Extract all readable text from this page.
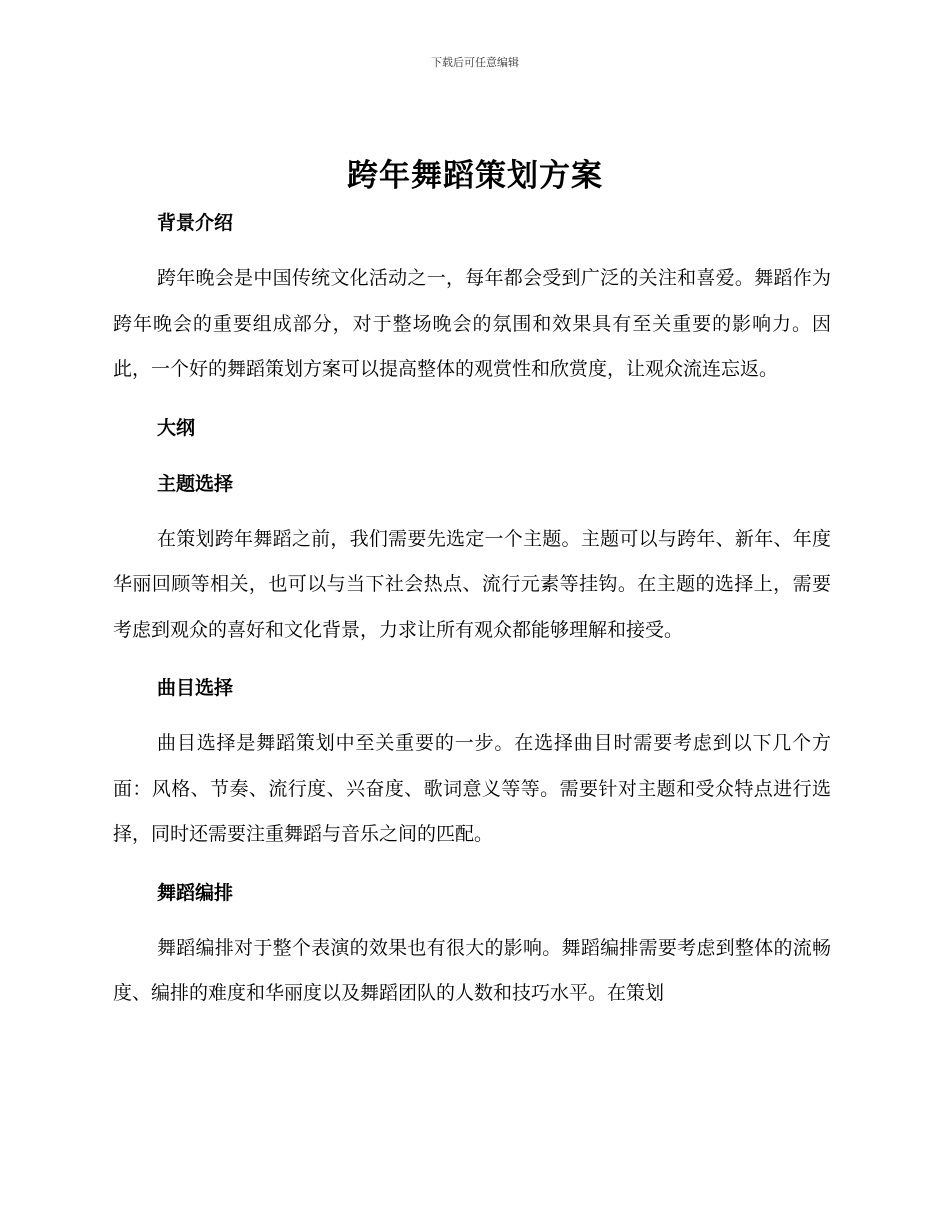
下载后可任意编辑
跨年舞蹈策划方案
背景介绍

跨年晚会是中国传统文化活动之一，每年都会受到广泛的关注和喜爱。舞蹈作为跨年晚会的重要组成部分，对于整场晚会的氛围和效果具有至关重要的影响力。因此，一个好的舞蹈策划方案可以提高整体的观赏性和欣赏度，让观众流连忘返。

大纲
主题选择

在策划跨年舞蹈之前，我们需要先选定一个主题。主题可以与跨年、新年、年度华丽回顾等相关，也可以与当下社会热点、流行元素等挂钩。在主题的选择上，需要考虑到观众的喜好和文化背景，力求让所有观众都能够理解和接受。

曲目选择

曲目选择是舞蹈策划中至关重要的一步。在选择曲目时需要考虑到以下几个方面：风格、节奏、流行度、兴奋度、歌词意义等等。需要针对主题和受众特点进行选择，同时还需要注重舞蹈与音乐之间的匹配。

舞蹈编排

舞蹈编排对于整个表演的效果也有很大的影响。舞蹈编排需要考虑到整体的流畅度、编排的难度和华丽度以及舞蹈团队的人数和技巧水平。在策划
